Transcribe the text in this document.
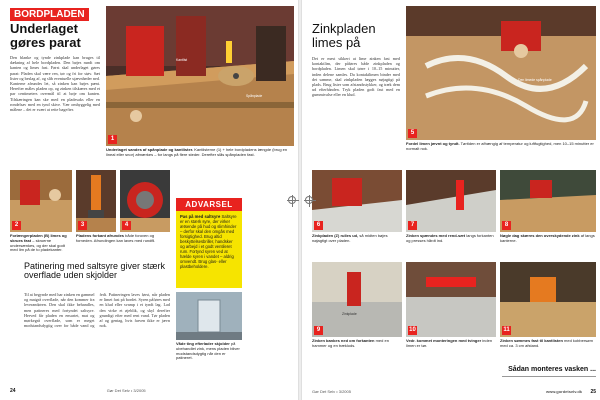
BORDPLADEN
Underlaget gøres parat
Den blanke og tynde zinkplade kan bruges til dækning af hele bordpladen. Den bøjes rundt om kanten og limes fast. Først skal underlaget gøres parat: Pladen skal være ren, tør og fri for støv. Sæt lister og beslag af, og slib eventuelle ujævnheder ned. Kanterne afrundes let, så zinken kan bøjes pænt. Herefter måles pladen op, og zinken tilskæres med et par centimeters overmål til at bøje om kanten. Tilskæringen kan ske med en pladesaks eller en rondelsav med en tynd skive. Vær omhyggelig med målene – det er svært at rette bagefter.
Kantlist
Spånplade
1
Underlaget sandes af spånplade og kantlister. Kantlisterne (1) + hele bordpladens længde (brug en lineal eller snor) afmærkes – for langs på flere steder. Derefter slås spånpladen fast.
2	3	4
Forlængerpladen (B) limes og skrues fast – skruerne undersænkes, og der skal godt med lim på de to pladekanter.
Pladens forkant afrundes både foroven og forneden. Afrundingen kan laves med rundfil.
ADVARSEL
Pas på med saltsyre Saltsyre er en stærk syre, der virker ætsende på hud og slimhinder – derfor skal den omgås med forsigtighed. Brug altid beskyttelsesbriller, handsker og arbejd i et godt ventileret rum. Fortynd syren ved at hælde syren i vandet – aldrig omvendt. Brug glas- eller plastbeholdere.
Patinering med saltsyre giver stærk overflade uden skjolder
Til at begynde med har zinken en gammel og matgrå overflade, når den kommer fra leverandøren. Den skal ikke behandles, men patineres med fortyndet saltsyre. Herved får pladen en ensartet, mat og mørkegrå overflade, som er meget modstandsdygtig over for både vand og fedt. Patineringen laves først, når pladen er limet fast på bordet. Syren påføres med en klud eller svamp i et tyndt lag. Lad den virke et øjeblik, og skyl derefter grundigt efter med rent vand. Tør pladen af og gentag, hvis farven ikke er jævn nok.
Våde ting efterlader skjolder på ubehandlet zink, mens pladen bliver modstandsdygtig når den er patineret.
24	Gør Det Selv • 3/2005
Zinkpladen limes på
Det er mest sikkert at lime zinken fast med kontaktlim, der påføres både zinkpladen og bordpladen. Limen skal tørre i 10–15 minutter, inden delene samles. Da kontaktlimen binder med det samme, skal zinkpladen lægges nøjagtigt på plads. Brug lister som afstandsstykker, og træk dem ud efterhånden. Tryk pladen godt fast med en gummivalse eller en klud.
Den limede spånplade
5
Fordel limen jævnt og tyndt. Tørtiden er afhængig af temperatur og luftfugtighed, men 10–15 minutter er normalt nok.
6	7	8
Zinkpladen (Z) rulles ud, så midten bøjes nøjagtigt over pladen.
Zinken spændes med rend-sæt langs forkanten og presses hårdt ind.
Nøgle dag skæres den overskydende zink af langs kanterne.
Zinkplade
9	10	11
Zinken bankes ned om forkanten med en hammer og en træklods.
Vedr. kommet monteringen med tvinger inden limen er tør.
Zinken sømmes fast til kantlisten med kobbersøm med ca. 3 cm afstand.
Sådan monteres vasken ...
Gør Det Selv • 3/2005	www.gordetselv.dk 25
